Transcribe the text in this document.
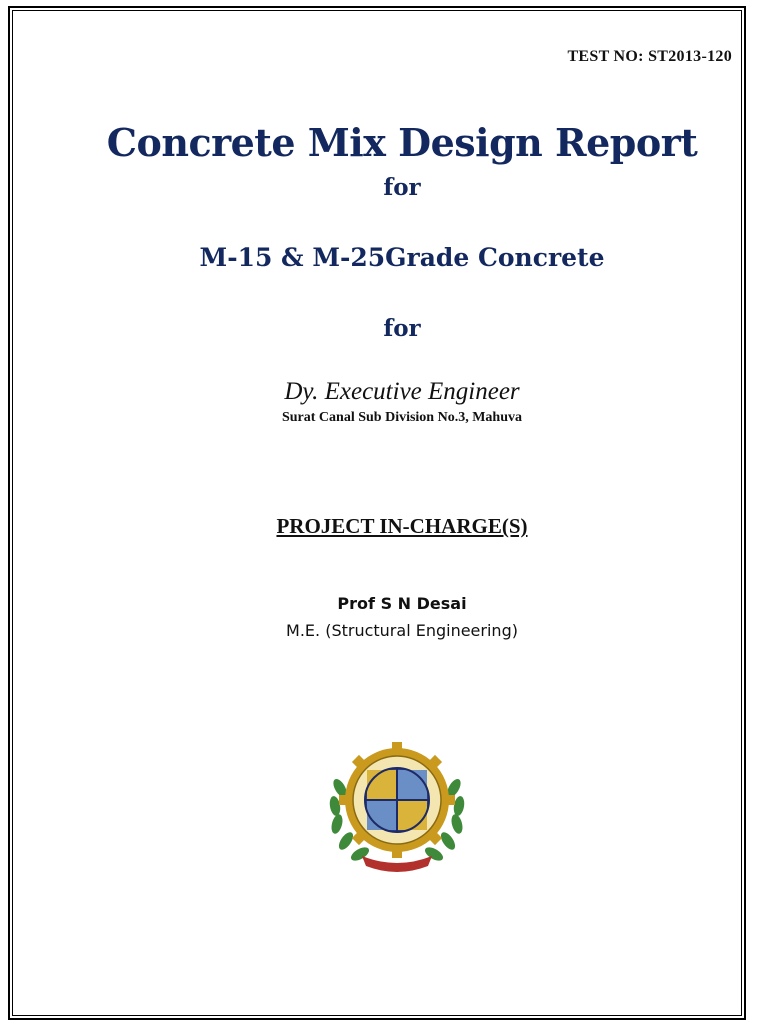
TEST NO: ST2013-120
Concrete Mix Design Report
for
M-15 & M-25Grade Concrete
for
Dy. Executive Engineer
Surat Canal Sub Division No.3, Mahuva
PROJECT IN-CHARGE(S)
Prof S N Desai
M.E. (Structural Engineering)
